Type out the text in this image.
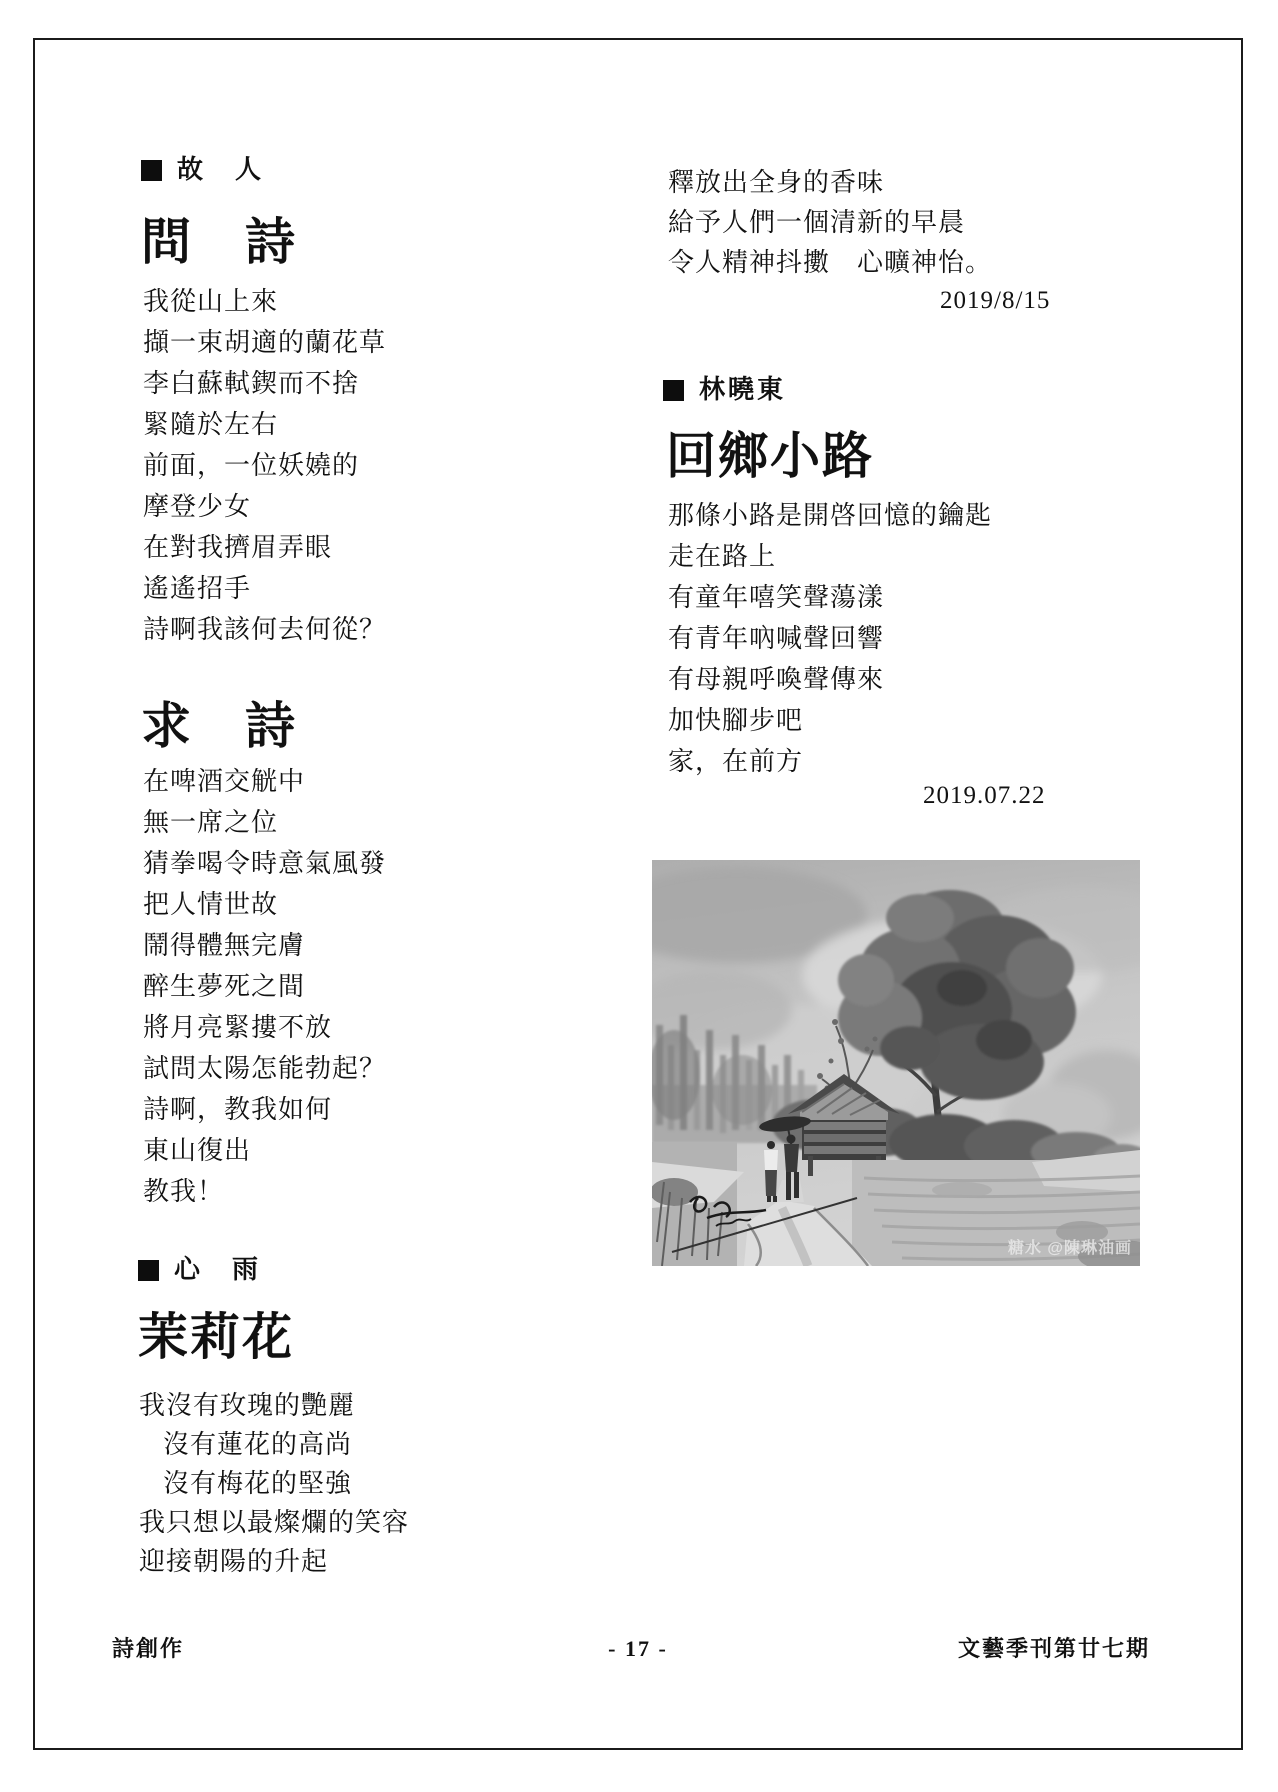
故　人
問　詩
我從山上來
擷一束胡適的蘭花草
李白蘇軾鍥而不捨
緊隨於左右
前面，一位妖嬈的
摩登少女
在對我擠眉弄眼
遙遙招手
詩啊我該何去何從？
求　詩
在啤酒交觥中
無一席之位
猜拳喝令時意氣風發
把人情世故
鬧得體無完膚
醉生夢死之間
將月亮緊摟不放
試問太陽怎能勃起？
詩啊，教我如何
東山復出
教我！
心　雨
茉莉花
我沒有玫瑰的艷麗
沒有蓮花的高尚
沒有梅花的堅強
我只想以最燦爛的笑容
迎接朝陽的升起
釋放出全身的香味
給予人們一個清新的早晨
令人精神抖擻　心曠神怡。
2019/8/15
林曉東
回鄉小路
那條小路是開啓回憶的鑰匙
走在路上
有童年嘻笑聲蕩漾
有青年吶喊聲回響
有母親呼喚聲傳來
加快腳步吧
家，在前方
2019.07.22
糖水 @陳琳油画
詩創作	- 17 -	文藝季刊第廿七期
